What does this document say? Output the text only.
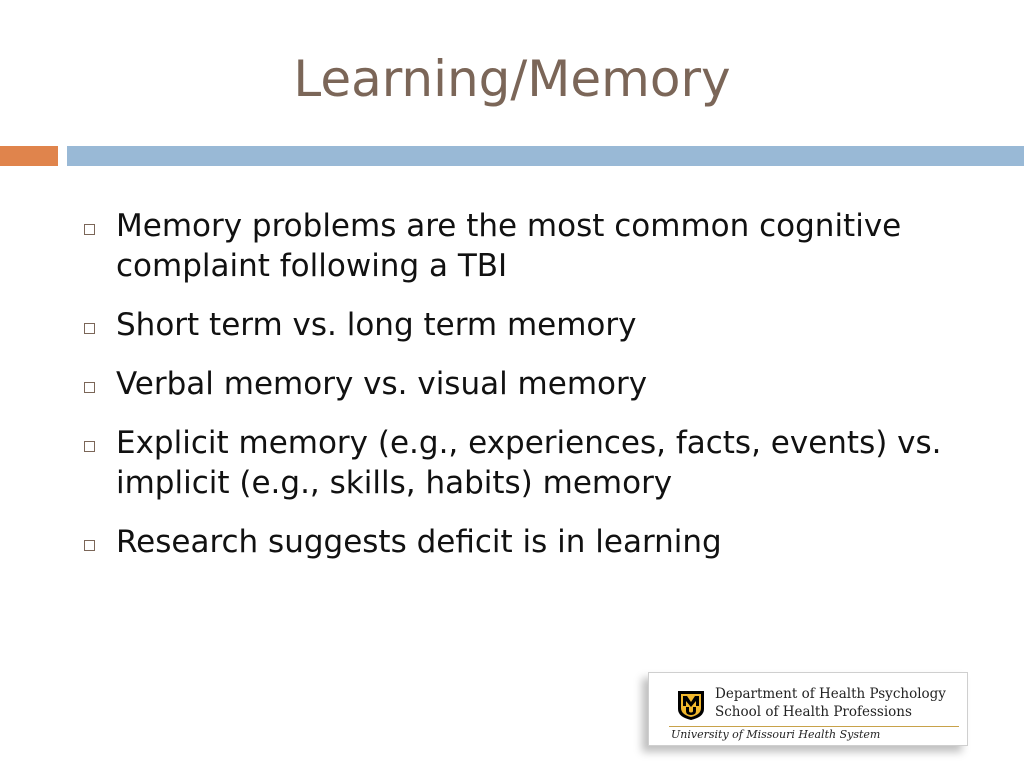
Learning/Memory
Memory problems are the most common cognitive complaint following a TBI
Short term vs. long term memory
Verbal memory vs. visual memory
Explicit memory (e.g., experiences, facts, events) vs. implicit (e.g., skills, habits) memory
Research suggests deficit is in learning
Department of Health Psychology
School of Health Professions
University of Missouri Health System
